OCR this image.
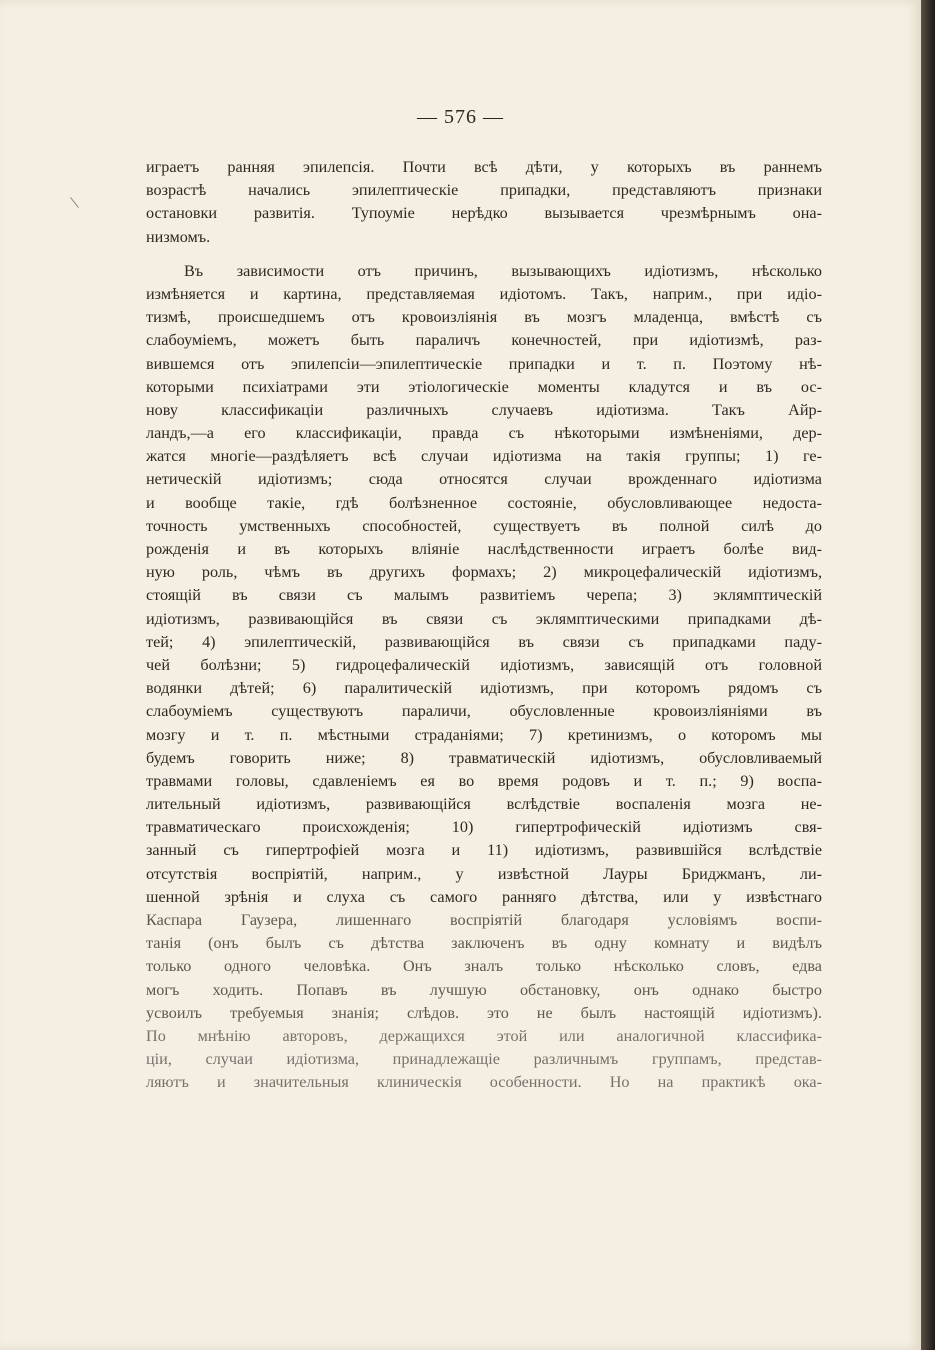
— 576 —
играетъ ранняя эпилепсія. Почти всѣ дѣти, у которыхъ въ раннемъ
возрастѣ начались эпилептическіе припадки, представляютъ признаки
остановки развитія. Тупоуміе нерѣдко вызывается чрезмѣрнымъ она-
низмомъ.
Въ зависимости отъ причинъ, вызывающихъ идіотизмъ, нѣсколько
измѣняется и картина, представляемая идіотомъ. Такъ, наприм., при идіо-
тизмѣ, происшедшемъ отъ кровоизліянія въ мозгъ младенца, вмѣстѣ съ
слабоуміемъ, можетъ быть параличъ конечностей, при идіотизмѣ, раз-
вившемся отъ эпилепсіи—эпилептическіе припадки и т. п. Поэтому нѣ-
которыми психіатрами эти этіологическіе моменты кладутся и въ ос-
нову классификаціи различныхъ случаевъ идіотизма. Такъ Айр-
ландъ,—а его классификаціи, правда съ нѣкоторыми измѣненіями, дер-
жатся многіе—раздѣляетъ всѣ случаи идіотизма на такія группы; 1) ге-
нетическій идіотизмъ; сюда относятся случаи врожденнаго идіотизма
и вообще такіе, гдѣ болѣзненное состояніе, обусловливающее недоста-
точность умственныхъ способностей, существуетъ въ полной силѣ до
рожденія и въ которыхъ вліяніе наслѣдственности играетъ болѣе вид-
ную роль, чѣмъ въ другихъ формахъ; 2) микроцефалическій идіотизмъ,
стоящій въ связи съ малымъ развитіемъ черепа; 3) эклямптическій
идіотизмъ, развивающійся въ связи съ эклямптическими припадками дѣ-
тей; 4) эпилептическій, развивающійся въ связи съ припадками паду-
чей болѣзни; 5) гидроцефалическій идіотизмъ, зависящій отъ головной
водянки дѣтей; 6) паралитическій идіотизмъ, при которомъ рядомъ съ
слабоуміемъ существуютъ параличи, обусловленные кровоизліяніями въ
мозгу и т. п. мѣстными страданіями; 7) кретинизмъ, о которомъ мы
будемъ говорить ниже; 8) травматическій идіотизмъ, обусловливаемый
травмами головы, сдавленіемъ ея во время родовъ и т. п.; 9) воспа-
лительный идіотизмъ, развивающійся вслѣдствіе воспаленія мозга не-
травматическаго происхожденія; 10) гипертрофическій идіотизмъ свя-
занный съ гипертрофіей мозга и 11) идіотизмъ, развившійся вслѣдствіе
отсутствія воспріятій, наприм., у извѣстной Лауры Бриджманъ, ли-
шенной зрѣнія и слуха съ самого ранняго дѣтства, или у извѣстнаго
Каспара Гаузера, лишеннаго воспріятій благодаря условіямъ воспи-
танія (онъ былъ съ дѣтства заключенъ въ одну комнату и видѣлъ
только одного человѣка. Онъ зналъ только нѣсколько словъ, едва
могъ ходить. Попавъ въ лучшую обстановку, онъ однако быстро
усвоилъ требуемыя знанія; слѣдов. это не былъ настоящій идіотизмъ).
По мнѣнію авторовъ, держащихся этой или аналогичной классифика-
ціи, случаи идіотизма, принадлежащіе различнымъ группамъ, представ-
ляютъ и значительныя клиническія особенности. Но на практикѣ ока-
